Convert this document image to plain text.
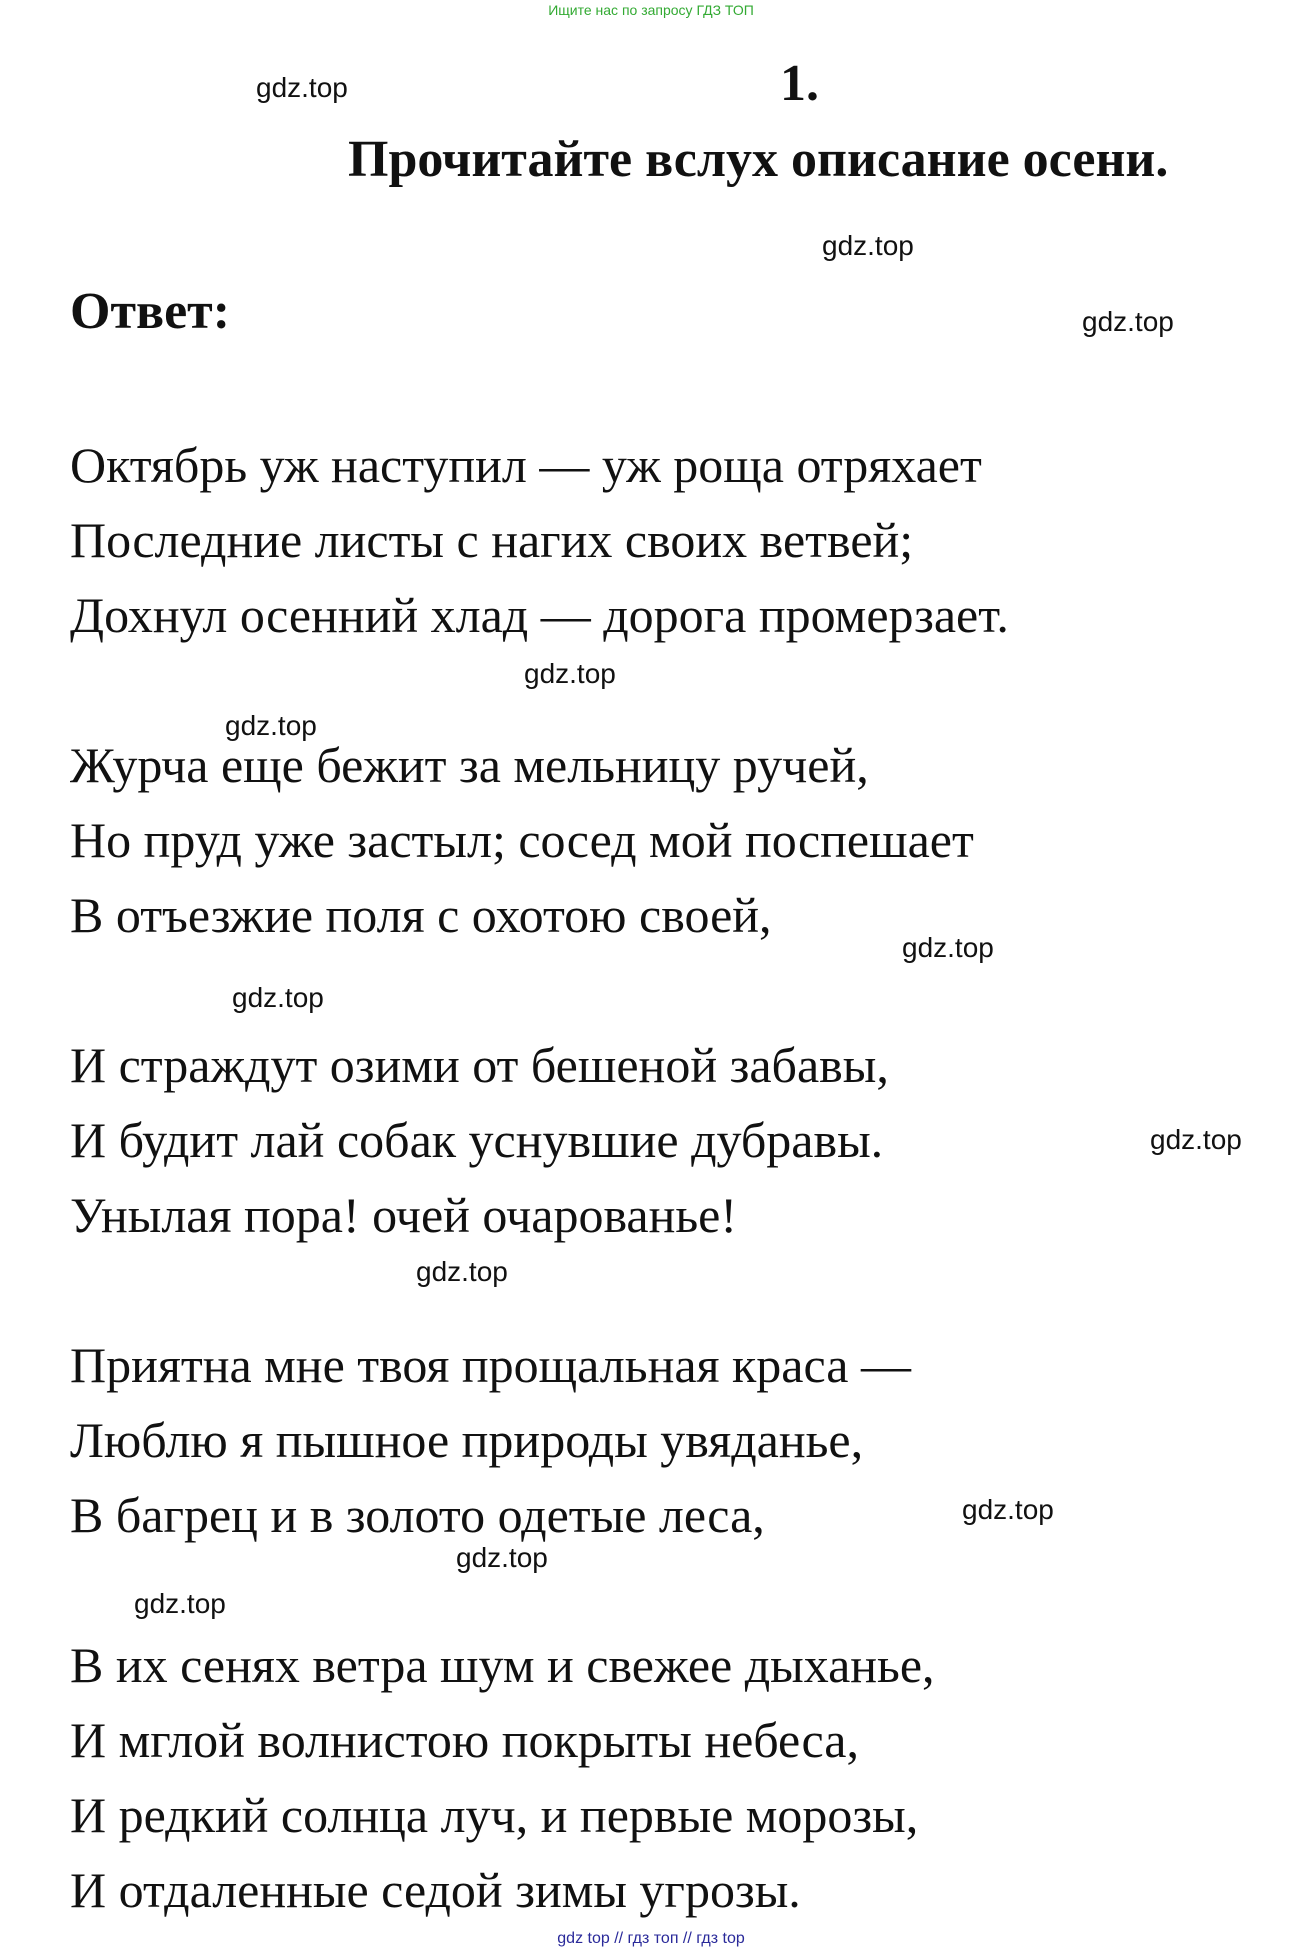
Ищите нас по запросу ГДЗ ТОП
1.
Прочитайте вслух описание осени.
Ответ:
Октябрь уж наступил — уж роща отряхает
Последние листы с нагих своих ветвей;
Дохнул осенний хлад — дорога промерзает.
Журча еще бежит за мельницу ручей,
Но пруд уже застыл; сосед мой поспешает
В отъезжие поля с охотою своей,
И страждут озими от бешеной забавы,
И будит лай собак уснувшие дубравы.
Унылая пора! очей очарованье!
Приятна мне твоя прощальная краса —
Люблю я пышное природы увяданье,
В багрец и в золото одетые леса,
В их сенях ветра шум и свежее дыханье,
И мглой волнистою покрыты небеса,
И редкий солнца луч, и первые морозы,
И отдаленные седой зимы угрозы.
gdz.top
gdz.top
gdz.top
gdz.top
gdz.top
gdz.top
gdz.top
gdz.top
gdz.top
gdz.top
gdz.top
gdz.top
gdz top // гдз топ // гдз top
